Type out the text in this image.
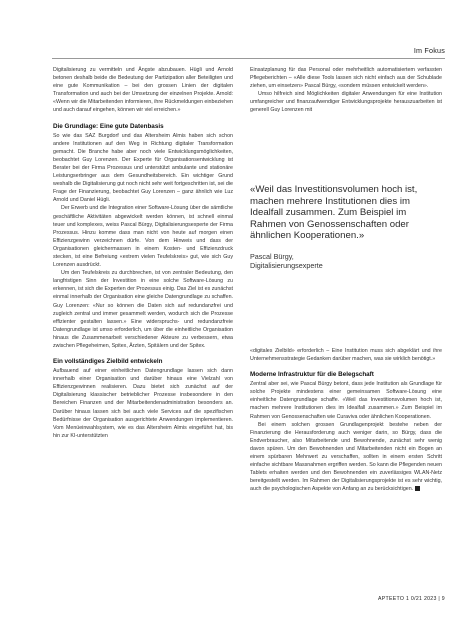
Im Fokus

Digitalisierung zu vermitteln und Ängste abzubauen. Hügli und Arnold betonen deshalb beide die Bedeutung der Partizipation aller Beteiligten und eine gute Kommunikation – bei den grossen Linien der digitalen Transformation und auch bei der Umsetzung der einzelnen Projekte. Arnold: «Wenn wir die Mitarbeitenden informieren, ihre Rückmeldungen einbeziehen und auch darauf eingehen, können wir viel erreichen.»

Die Grundlage: Eine gute Datenbasis

So wie das SAZ Burgdorf und das Altersheim Almis haben sich schon andere Institutionen auf den Weg in Richtung digitaler Transformation gemacht. Die Branche habe aber noch viele Entwicklungsmöglichkeiten, beobachtet Guy Lorenzen. Der Experte für Organisationsentwicklung ist Berater bei der Firma Prozessus und unterstützt ambulante und stationäre Leistungserbringer aus dem Gesundheitsbereich. Ein wichtiger Grund weshalb die Digitalisierung gut noch nicht sehr weit fortgeschritten ist, sei die Frage der Finanzierung, beobachtet Guy Lorenzen – ganz ähnlich wie Luz Arnold und Daniel Hügli.

Der Erwerb und die Integration einer Software-Lösung über die sämtliche geschäftliche Aktivitäten abgewickelt werden können, ist schnell einmal teuer und komplexes, weiss Pascal Bürgy, Digitalisierungsexperte der Firma Prozessus. Hinzu komme dass man nicht von heute auf morgen einen Effizienzgewinn verzeichnen dürfe. Von dem Hinweis und dass der Organisationen gleichermassen in einem Kosten- und Effizienzdruck stecken, ist eine Befreiung «extrem vielen Teufelskreis» gut, wie sich Guy Lorenzen ausdrückt.

Um den Teufelskreis zu durchbrechen, ist von zentraler Bedeutung, den langfristigen Sinn der Investition in eine solche Software-Lösung zu erkennen, ist sich die Experten der Prozessus einig. Das Ziel ist es zunächst einmal innerhalb der Organisation eine gleiche Datengrundlage zu schaffen. Guy Lorenzen: «Nur so können die Daten sich auf redundanzfrei und zugleich zentral und immer gesammelt werden, wodurch sich die Prozesse effizienter gestalten lassen.» Eine widerspruchs- und redundanzfreie Datengrundlage ist umso erforderlich, um über die einheitliche Organisation hinaus die Zusammenarbeit verschiedener Akteure zu verbessern, etwa zwischen Pflegeheimen, Spitex, Ärzten, Spitälern und der Spitex.

Ein vollständiges Zielbild entwickeln

Aufbauend auf einer einheitlichen Datengrundlage lassen sich dann innerhalb einer Organisation und darüber hinaus eine Vielzahl von Effizienzgewinnen realisieren. Dazu bietet sich zunächst auf der Digitalisierung klassischer betrieblicher Prozesse insbesondere in den Bereichen Finanzen und der Mitarbeitendenadministration besonders an. Darüber hinaus lassen sich bei auch viele Services auf die spezifischen Bedürfnisse der Organisation ausgerichtete Anwendungen implementieren. Vom Menüeinwahlsystem, wie es das Altersheim Almis eingeführt hat, bis hin zur KI-unterstützten

Einsatzplanung für das Personal oder mehrheitlich automatisiertem verfassten Pflegeberichten – «Alle diese Tools lassen sich nicht einfach aus der Schublade ziehen, um einsetzen» Pascal Bürgy, «sondern müssen entwickelt werden».

Umso hilfreich sind Möglichkeiten digitaler Anwendungen für eine Institution umfangreicher und finanzaufwendiger Entwicklungsprojekte herauszuarbeiten ist generell Guy Lorenzen mit

«Weil das Investitionsvolumen hoch ist, machen mehrere Institutionen dies im Idealfall zusammen. Zum Beispiel im Rahmen von Genossenschaften oder ähnlichen Kooperationen.»

Pascal Bürgy,

Digitalisierungsexperte

«digitales Zielbild» erforderlich – Eine Institution muss sich abgeklärt und ihre Unternehmensstrategie Gedanken darüber machen, was sie wirklich benötigt.»

Moderne Infrastruktur für die Belegschaft

Zentral aber sei, wie Pascal Bürgy betont, dass jede Institution als Grundlage für solche Projekte mindestens einer gemeinsamen Software-Lösung eine einheitliche Datengrundlage schaffe. «Weil das Investitionsvolumen hoch ist, machen mehrere Institutionen dies im Idealfall zusammen.» Zum Beispiel im Rahmen von Genossenschaften wie Curaviva oder ähnlichen Kooperationen.

Bei einem solchen grossen Grundlagenprojekt bestehe neben der Finanzierung die Herausforderung auch weniger darin, so Bürgy, dass die Endverbraucher, also Mitarbeitende und Bewohnende, zunächst sehr wenig davon spüren. Um den Bewohnenden und Mitarbeitenden nicht ein Bogen an einem spürbaren Mehrwert zu verschaffen, sollten in einem ersten Schritt einfache sichtbare Massnahmen ergriffen werden. So kann die Pflegenden neuen Tablets erhalten werden und den Bewohnenden ein zuverlässiges WLAN-Netz bereitgestellt werden. Im Rahmen der Digitalisierungsprojekte ist es sehr wichtig, auch die psychologischen Aspekte von Anfang an zu berücksichtigen.

APTEETO 1 0/21 2023 | 9
